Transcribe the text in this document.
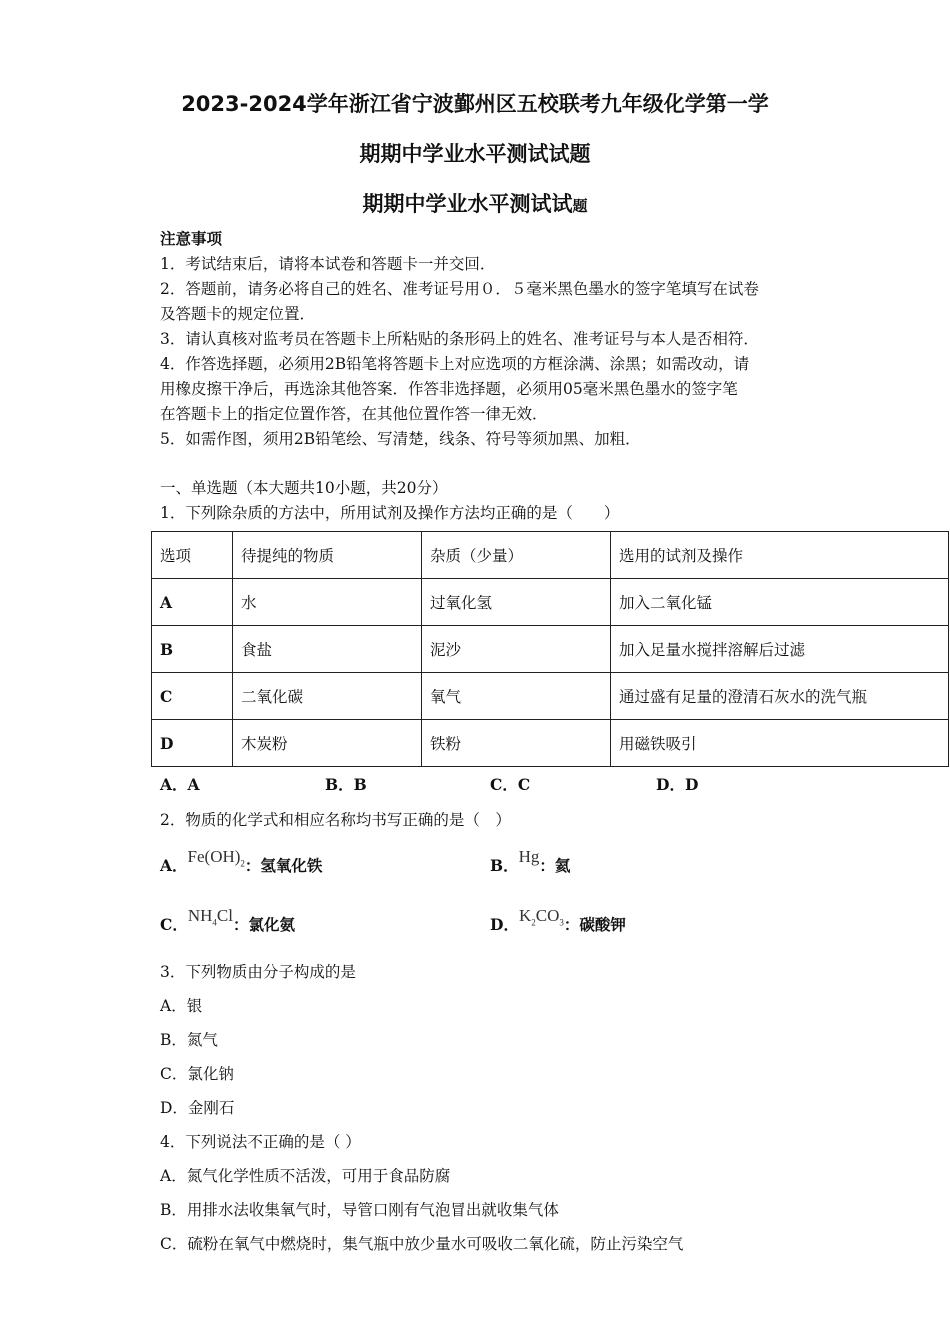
2023-2024学年浙江省宁波鄞州区五校联考九年级化学第一学
期期中学业水平测试试题
期期中学业水平测试试题
注意事项
1．考试结束后，请将本试卷和答题卡一并交回．
2．答题前，请务必将自己的姓名、准考证号用０．５毫米黑色墨水的签字笔填写在试卷
及答题卡的规定位置．
3．请认真核对监考员在答题卡上所粘贴的条形码上的姓名、准考证号与本人是否相符．
4．作答选择题，必须用2B铅笔将答题卡上对应选项的方框涂满、涂黑；如需改动，请
用橡皮擦干净后，再选涂其他答案．作答非选择题，必须用05毫米黑色墨水的签字笔
在答题卡上的指定位置作答，在其他位置作答一律无效．
5．如需作图，须用2B铅笔绘、写清楚，线条、符号等须加黑、加粗．
一、单选题（本大题共10小题，共20分）
1．下列除杂质的方法中，所用试剂及操作方法均正确的是（　　）
选项	待提纯的物质	杂质（少量）	选用的试剂及操作
A	水	过氧化氢	加入二氧化锰
B	食盐	泥沙	加入足量水搅拌溶解后过滤
C	二氧化碳	氧气	通过盛有足量的澄清石灰水的洗气瓶
D	木炭粉	铁粉	用磁铁吸引
A．A	B．B	C．C	D．D
2．物质的化学式和相应名称均书写正确的是（　）
A．$Fe(OH)_2$：氢氧化铁	B．Hg：氦
C．$NH_4Cl$：氯化氨	D．$K_2CO_3$：碳酸钾
3．下列物质由分子构成的是
A．银
B．氮气
C．氯化钠
D．金刚石
4．下列说法不正确的是（ ）
A．氮气化学性质不活泼，可用于食品防腐
B．用排水法收集氧气时，导管口刚有气泡冒出就收集气体
C．硫粉在氧气中燃烧时，集气瓶中放少量水可吸收二氧化硫，防止污染空气
